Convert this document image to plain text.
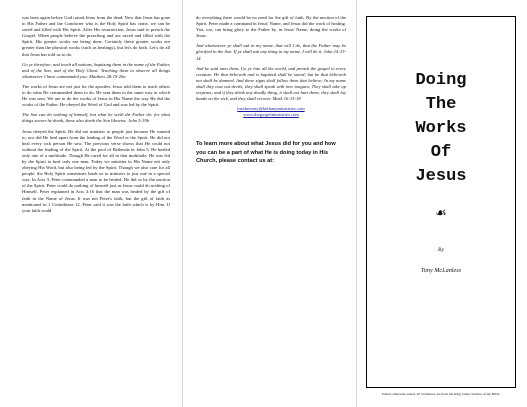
was born again before God raised Jesus from the dead. Now that Jesus has gone to His Father and the Comforter who is the Holy Spirit has come, we can be saved and filled with His Spirit. After His resurrection, Jesus said to preach the Gospel. When people believe the preaching and are saved and filled with the Spirit, His greater works are being done. Certainly these greater works are greater than the physical works (such as healings), but let's do both. Let's do all that Jesus has told us to do.

Go ye therefore, and teach all nations, baptizing them in the name of the Father, and of the Son, and of the Holy Ghost: Teaching them to observe all things whatsoever I have commanded you: Matthew 28:19-20a

The works of Jesus are not just for the apostles. Jesus told them to teach others to do what He commanded them to do. He sent them in the same way in which He was sent. We are to do the works of Jesus in His Name the way He did the works of the Father. He obeyed the Word of God and was led by the Spirit.

The Son can do nothing of himself, but what he seeth the Father do: for what things soever he doeth, these also doeth the Son likewise. John 5:19b

Jesus obeyed the Spirit. He did not minister to people just because He wanted to, nor did He heal apart from the leading of the Word or the Spirit. He did not heal every sick person He saw. The previous verse shows that He could not without the leading of the Spirit. At the pool of Bethesda in John 5, He healed only one of a multitude. Though He cared for all in that multitude, He was led by the Spirit to heal only one man. Today we minister in His Name not only obeying His Word, but also being led by the Spirit. Though we also care for all people, the Holy Spirit sometimes leads us to minister to just one in a special way. In Acts 3, Peter commanded a man to be healed. He did so by the unction of the Spirit. Peter could do nothing of himself just as Jesus could do nothing of Himself. Peter explained in Acts 3:16 that the man was healed by the gift of faith in the Name of Jesus. It was not Peter's faith, but the gift of faith as mentioned in 1 Corinthians 12. Peter said it was the faith which is by Him. If your faith could

do everything there would be no need for the gift of faith. By the unction of the Spirit, Peter made a command in Jesus' Name, and Jesus did the work of healing. You, too, can bring glory to the Father by, in Jesus' Name, doing the works of Jesus.

And whatsoever ye shall ask in my name, that will I do, that the Father may be glorified in the Son. If ye shall ask any thing in my name, I will do it. John 14:13-14

And he said unto them, Go ye into all the world, and preach the gospel to every creature. He that believeth and is baptized shall be saved; but he that believeth not shall be damned. And these signs shall follow them that believe; In my name shall they cast out devils; they shall speak with new tongues; They shall take up serpents; and if they drink any deadly thing, it shall not hurt them; they shall lay hands on the sick, and they shall recover. Mark 16:15-18

brothertony@bethanyministries.com
www.thegospelministries.com
To learn more about what Jesus did for you and how you can be a part of what He is doing today in His Church, please contact us at:
Doing
The
Works
Of
Jesus
☙
By
Tony McLanless
Unless otherwise stated, all Scriptures are from the King James Version of the Bible.
